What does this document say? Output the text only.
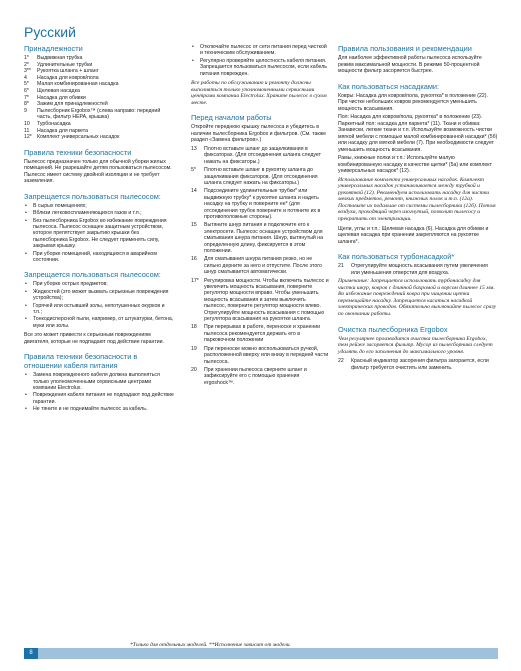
Русский
Принадлежности
1*	Выдвижная трубка
2*	Удлинительные трубки
3**	Рукоятка шланга + шланг
4	Насадка для ковров/пола
5*	Малая комбинированная насадка
6*	Щелевая насадка
7*	Насадка для обивки
8*	Зажим для принадлежностей
9	Пылесборник Ergobox™ (слева направо: передний часть, фильтр HEPA, крышка)
10	Турбонасадка
11	Насадка для паркета
12*	Комплект универсальных насадок
Правила техники безопасности

Пылесос предназначен только для обычной уборки жилых помещений. Не разрешайте детям пользоваться пылесосом. Пылесос имеет систему двойной изоляции и не требует заземления.

Запрещается пользоваться пылесосом:
• В сырых помещениях;
• Вблизи легковоспламеняющихся газов и т.п.;
• Без пылесборника Ergobox во избежание повреждения пылесоса. Пылесос оснащен защитным устройством, которое препятствует закрытию крышки без пылесборника Ergobox. Не следует применять силу, закрывая крышку.
• При уборке помещений, находящихся в аварийном состоянии.
Запрещается пользоваться пылесосом:
• При уборке острых предметов;
• Жидкостей (это может вызвать серьезные повреждения устройства);
• Горячей или остывшей золы, непотушенных окурков и т.п.;
• Тонкодисперсной пыли, например, от штукатурки, бетона, муки или золы.

Все это может привести к серьезным повреждениям двигателя, которые не подпадают под действие гарантии.

Правила техники безопасности в отношении кабеля питания
• Замена поврежденного кабеля должна выполняться только уполномоченными сервисными центрами компании Electrolux.
• Повреждения кабеля питания не подпадают под действие гарантии.
• Не тяните и не поднимайте пылесос за кабель.
• Отключайте пылесос от сети питания перед чисткой и техническим обслуживанием.
• Регулярно проверяйте целостность кабеля питания. Запрещается пользоваться пылесосом, если кабель питания поврежден.

Все работы по обслуживанию и ремонту должны выполняться только уполномоченными сервисными центрами компании Electrolux. Храните пылесос в сухом месте.

Перед началом работы

Откройте переднюю крышку пылесоса и убедитесь в наличии пылесборника Ergobox и фильтров. (См. также раздел «Замена фильтров».)

13	Плотно вставьте шланг до защелкивания в фиксаторах. (Для отсоединения шланга следует нажать на фиксаторы.)
5*	Плотно вставьте шланг в рукоятку шланга до защелкивания фиксаторов. (Для отсоединения шланга следует нажать на фиксаторы.)
14	Подсоедините удлинительные трубки* или выдвижную трубку* к рукоятке шланга и надеть насадку на трубку и поверните ее* (для отсоединения трубок поверните и потяните их в противоположные стороны).
15	Вытяните шнур питания и подключите его к электросети. Пылесос оснащен устройством для сматывания шнура питания. Шнур, вытянутый на определенную длину, фиксируется в этом положении.
16	Для сматывания шнура питания резко, но не сильно дерните за него и отпустите. После этого шнур сматывается автоматически.
17*	Регулировка мощности. Чтобы включить пылесос и увеличить мощность всасывания, поверните регулятор мощности вправо. Чтобы уменьшить мощность всасывания и затем выключить пылесос, поверните регулятор мощности влево. Отрегулируйте мощность всасывания с помощью регулятора всасывания на рукоятке шланга.
18	При перерывах в работе, переноске и хранении пылесоса рекомендуется держать его в парковочном положении
19	При переноске можно воспользоваться ручкой, расположенной вверху или внизу в передней части пылесоса.
20	При хранении пылесоса сверните шланг и зафиксируйте его с помощью хранения ergoshock™.
Правила пользования и рекомендации

Для наиболее эффективной работы пылесоса используйте режим максимальной мощности. В режиме 50-процентной мощности фильтр засоряется быстрее.

Как пользоваться насадками:

Ковры: Насадка для ковров/пола, рукоятка* в положение (22). При чистке небольших ковров рекомендуется уменьшить мощность всасывания.

Пол: Насадка для ковров/пола, рукоятка* в положение (23). Паркетный пол: насадка для паркета* (11). Ткани и обивка: Занавески, легкие ткани и т.п. Используйте возможность чистки мягкой мебели с помощью малой комбинированной насадки* (5б) или насадку для мягкой мебели (7). При необходимости следует уменьшить мощность всасывания.

Рамы, книжные полки и т.п.: Используйте малую комбинированную насадку в качестве щетки* (5а) или комплект универсальных насадок* (12).

Использование комплекта универсальных насадок. Комплект универсальных насадок устанавливается между трубкой и рукояткой (12). Рекомендуем использовать насадку для чистки мелких предметов, ремонт, книжных полок и т.п. (12а). Поставьте их подальше от системы пылесборника (12б). Потом воздуха, проходящий через изогнутый, позволит пылесосу и прекратить от электризации.

Щели, углы и т.п.: Щелевая насадка (6). Насадка для обивки и щелевая насадка при хранении закрепляются на рукоятке шланга*.

Как пользоваться турбонасадкой*
21	Отрегулируйте мощность всасывания путем увеличения или уменьшения отверстия для воздуха.

Примечание: Запрещается использовать турбонасадку для чистки шкур, ковров с длинной бахромой и ворсом длиннее 15 мм. Во избежание повреждений ковра при чищении щетки перемещайте насадку. Запрещается касаться насадкой электрических проводов. Обязательно выключайте пылесос сразу по окончании работы.

Очистка пылесборника Ergobox

Чем регулярнее производится очистка пылесборника Ergobox, тем рейже засоряется фильтр. Мусор из пылесборника следует удалять до его заполнения до максимального уровня.

22	Красный индикатор засорения фильтра загорается, если фильтр требуется очистить или заменить.
*Только для отдельных моделей. **Исполнение зависит от модели.
8
